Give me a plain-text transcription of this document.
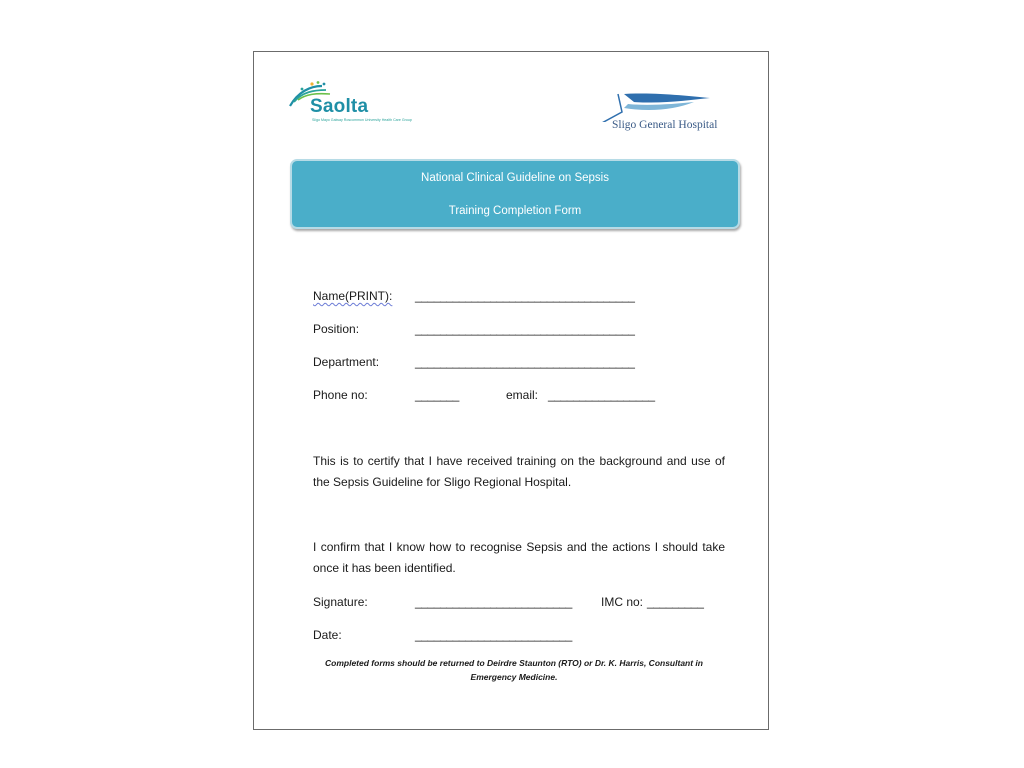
Saolta
Sligo Mayo Galway Roscommon University Health Care Group	Sligo General Hospital
National Clinical Guideline on Sepsis
Training Completion Form
Name(PRINT): ___________________________________
Position:	___________________________________
Department:	___________________________________
Phone no:	_______	email: _________________
This is to certify that I have received training on the background and use of the Sepsis Guideline for Sligo Regional Hospital.
I confirm that I know how to recognise Sepsis and the actions I should take once it has been identified.
Signature:	_________________________ IMC no: _________
Date:	_________________________
Completed forms should be returned to Deirdre Staunton (RTO) or Dr. K. Harris, Consultant in
Emergency Medicine.
